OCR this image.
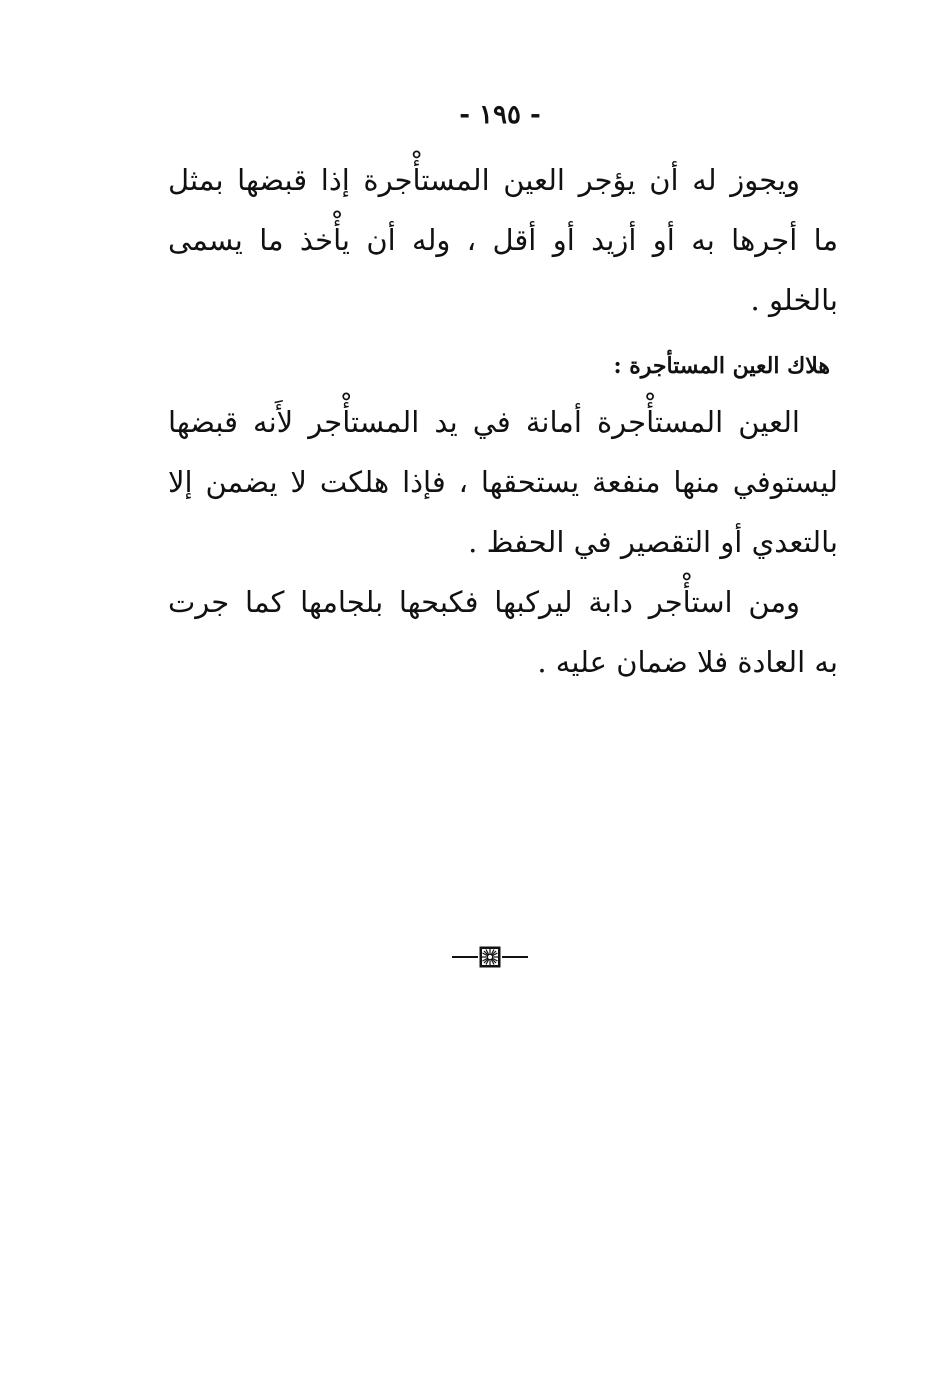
- ١٩٥ -
ويجوز له أن يؤجر العين المستأْجرة إذا قبضها بمثل
ما أجرها به أو أزيد أو أقل ، وله أن يأْخذ ما يسمى
بالخلو .
هلاك العين المستأجرة :
العين المستأْجرة أمانة في يد المستأْجر لأَنه قبضها
ليستوفي منها منفعة يستحقها ، فإذا هلكت لا يضمن إلا
بالتعدي أو التقصير في الحفظ .
ومن استأْجر دابة ليركبها فكبحها بلجامها كما جرت
به العادة فلا ضمان عليه .
